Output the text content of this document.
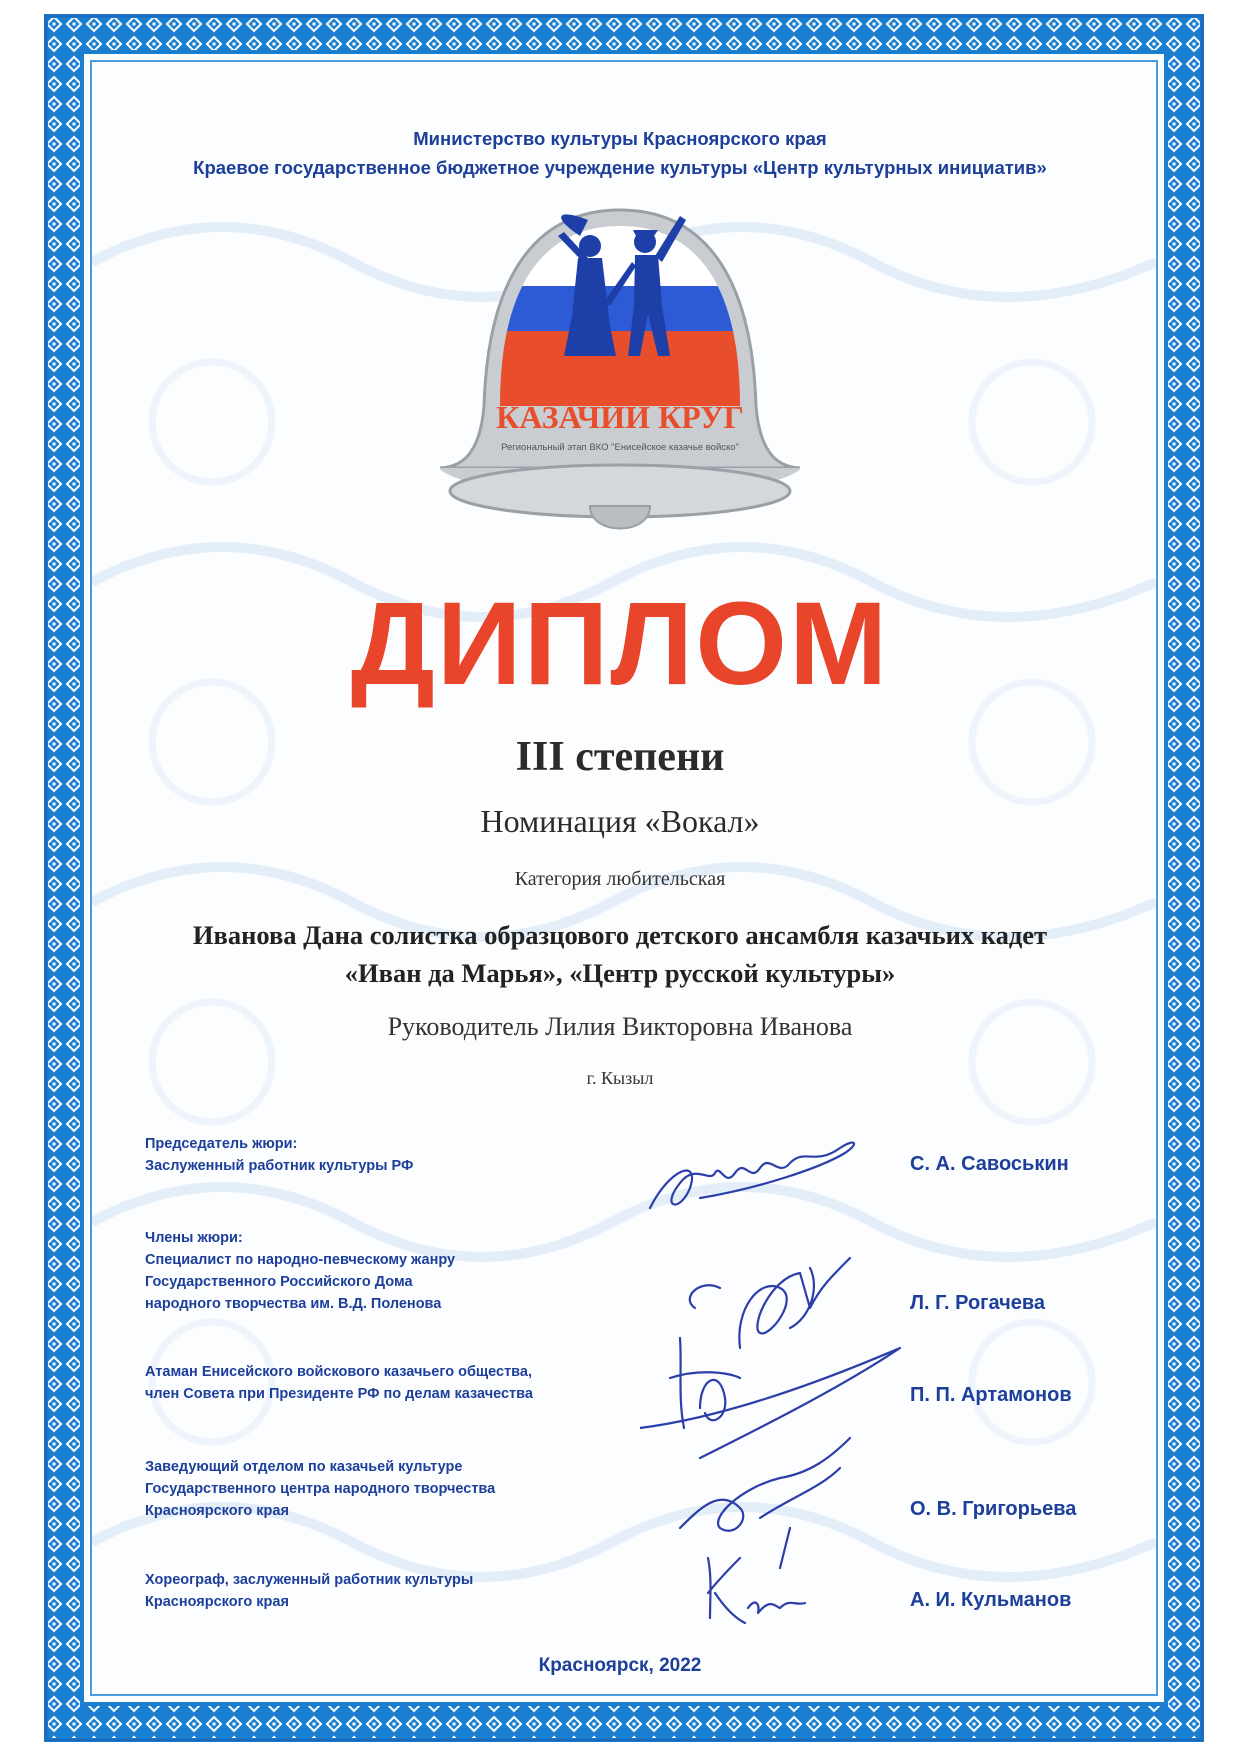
Министерство культуры Красноярского края
Краевое государственное бюджетное учреждение культуры «Центр культурных инициатив»
Всероссийский фольклорный конкурс
КАЗАЧИЙ КРУГ
Региональный этап ВКО "Енисейское казачье войско"
ДИПЛОМ
III степени
Номинация «Вокал»
Категория любительская
Иванова Дана солистка образцового детского ансамбля казачьих кадет
«Иван да Марья», «Центр русской культуры»
Руководитель Лилия Викторовна Иванова
г. Кызыл
Председатель жюри:
Заслуженный работник культуры РФ
Члены жюри:
Специалист по народно-певческому жанру
Государственного Российского Дома
народного творчества им. В.Д. Поленова
Атаман Енисейского войскового казачьего общества,
член Совета при Президенте РФ по делам казачества
Заведующий отделом по казачьей культуре
Государственного центра народного творчества
Красноярского края
Хореограф, заслуженный работник культуры
Красноярского края
С. А. Савоськин
Л. Г. Рогачева
П. П. Артамонов
О. В. Григорьева
А. И. Кульманов
Красноярск, 2022
